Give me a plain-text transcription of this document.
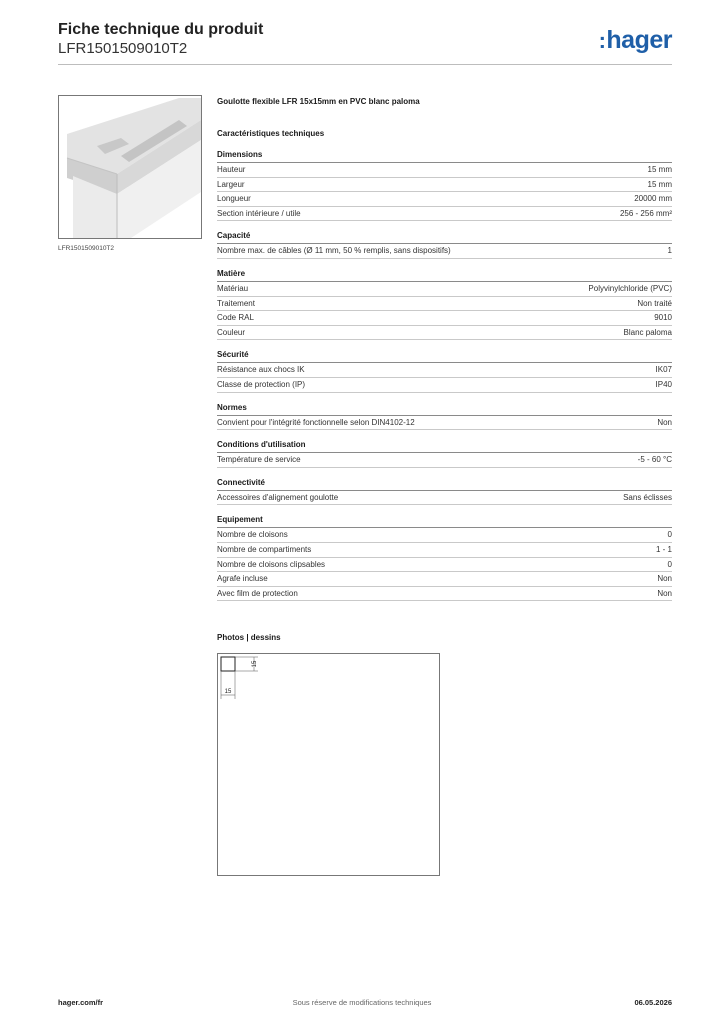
Fiche technique du produit
LFR1501509010T2	:hager
LFR1501509010T2
Goulotte flexible LFR 15x15mm en PVC blanc paloma
Caractéristiques techniques
Dimensions
Hauteur	15 mm
Largeur	15 mm
Longueur	20000 mm
Section intérieure / utile	256 - 256 mm²
Capacité
Nombre max. de câbles (Ø 11 mm, 50 % remplis, sans dispositifs)	1
Matière
Matériau	Polyvinylchloride (PVC)
Traitement	Non traité
Code RAL	9010
Couleur	Blanc paloma
Sécurité
Résistance aux chocs IK	IK07
Classe de protection (IP)	IP40
Normes
Convient pour l'intégrité fonctionnelle selon DIN4102-12	Non
Conditions d'utilisation
Température de service	-5 - 60 °C
Connectivité
Accessoires d'alignement goulotte	Sans éclisses
Equipement
Nombre de cloisons	0
Nombre de compartiments	1 - 1
Nombre de cloisons clipsables	0
Agrafe incluse	Non
Avec film de protection	Non
Photos | dessins
15
15
hager.com/fr	Sous réserve de modifications techniques	06.05.2026
